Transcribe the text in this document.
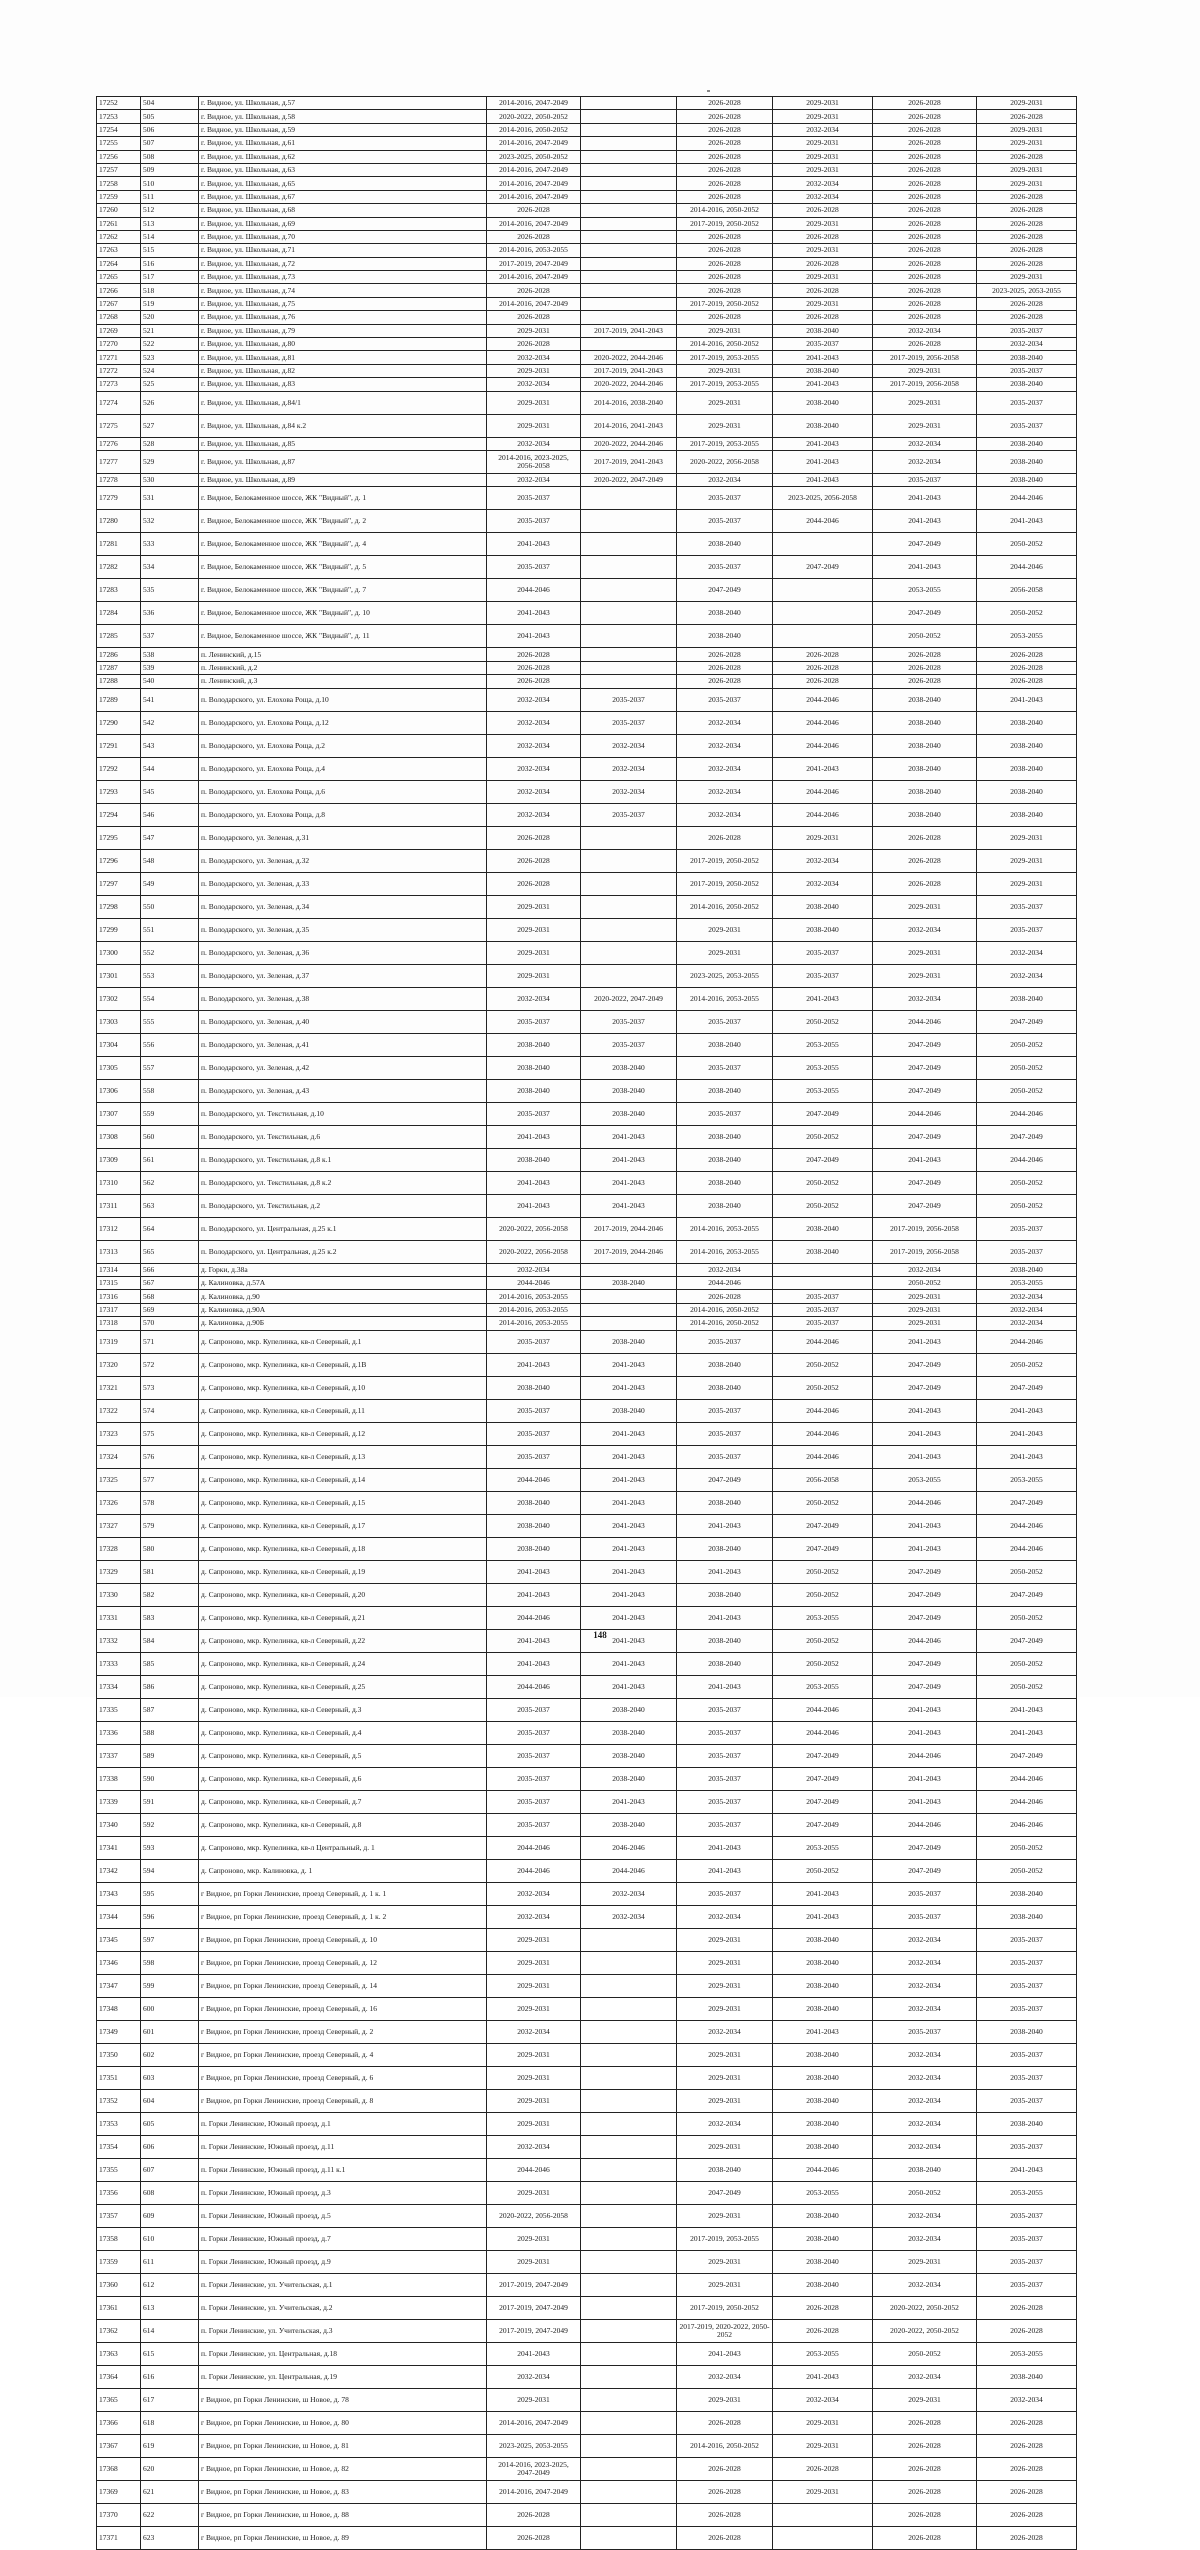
17252	504	г. Видное, ул. Школьная, д.57	2014-2016, 2047-2049		2026-2028	2029-2031	2026-2028	2029-2031
17253	505	г. Видное, ул. Школьная, д.58	2020-2022, 2050-2052		2026-2028	2029-2031	2026-2028	2026-2028
17254	506	г. Видное, ул. Школьная, д.59	2014-2016, 2050-2052		2026-2028	2032-2034	2026-2028	2029-2031
17255	507	г. Видное, ул. Школьная, д.61	2014-2016, 2047-2049		2026-2028	2029-2031	2026-2028	2029-2031
17256	508	г. Видное, ул. Школьная, д.62	2023-2025, 2050-2052		2026-2028	2029-2031	2026-2028	2026-2028
17257	509	г. Видное, ул. Школьная, д.63	2014-2016, 2047-2049		2026-2028	2029-2031	2026-2028	2029-2031
17258	510	г. Видное, ул. Школьная, д.65	2014-2016, 2047-2049		2026-2028	2032-2034	2026-2028	2029-2031
17259	511	г. Видное, ул. Школьная, д.67	2014-2016, 2047-2049		2026-2028	2032-2034	2026-2028	2026-2028
17260	512	г. Видное, ул. Школьная, д.68	2026-2028		2014-2016, 2050-2052	2026-2028	2026-2028	2026-2028
17261	513	г. Видное, ул. Школьная, д.69	2014-2016, 2047-2049		2017-2019, 2050-2052	2029-2031	2026-2028	2026-2028
17262	514	г. Видное, ул. Школьная, д.70	2026-2028		2026-2028	2026-2028	2026-2028	2026-2028
17263	515	г. Видное, ул. Школьная, д.71	2014-2016, 2053-2055		2026-2028	2029-2031	2026-2028	2026-2028
17264	516	г. Видное, ул. Школьная, д.72	2017-2019, 2047-2049		2026-2028	2026-2028	2026-2028	2026-2028
17265	517	г. Видное, ул. Школьная, д.73	2014-2016, 2047-2049		2026-2028	2029-2031	2026-2028	2029-2031
17266	518	г. Видное, ул. Школьная, д.74	2026-2028		2026-2028	2026-2028	2026-2028	2023-2025, 2053-2055
17267	519	г. Видное, ул. Школьная, д.75	2014-2016, 2047-2049		2017-2019, 2050-2052	2029-2031	2026-2028	2026-2028
17268	520	г. Видное, ул. Школьная, д.76	2026-2028		2026-2028	2026-2028	2026-2028	2026-2028
17269	521	г. Видное, ул. Школьная, д.79	2029-2031	2017-2019, 2041-2043	2029-2031	2038-2040	2032-2034	2035-2037
17270	522	г. Видное, ул. Школьная, д.80	2026-2028		2014-2016, 2050-2052	2035-2037	2026-2028	2032-2034
17271	523	г. Видное, ул. Школьная, д.81	2032-2034	2020-2022, 2044-2046	2017-2019, 2053-2055	2041-2043	2017-2019, 2056-2058	2038-2040
17272	524	г. Видное, ул. Школьная, д.82	2029-2031	2017-2019, 2041-2043	2029-2031	2038-2040	2029-2031	2035-2037
17273	525	г. Видное, ул. Школьная, д.83	2032-2034	2020-2022, 2044-2046	2017-2019, 2053-2055	2041-2043	2017-2019, 2056-2058	2038-2040
17274	526	г. Видное, ул. Школьная, д.84/1	2029-2031	2014-2016, 2038-2040	2029-2031	2038-2040	2029-2031	2035-2037
17275	527	г. Видное, ул. Школьная, д.84 к.2	2029-2031	2014-2016, 2041-2043	2029-2031	2038-2040	2029-2031	2035-2037
17276	528	г. Видное, ул. Школьная, д.85	2032-2034	2020-2022, 2044-2046	2017-2019, 2053-2055	2041-2043	2032-2034	2038-2040
17277	529	г. Видное, ул. Школьная, д.87	2014-2016, 2023-2025, 2056-2058	2017-2019, 2041-2043	2020-2022, 2056-2058	2041-2043	2032-2034	2038-2040
17278	530	г. Видное, ул. Школьная, д.89	2032-2034	2020-2022, 2047-2049	2032-2034	2041-2043	2035-2037	2038-2040
17279	531	г. Видное, Белокаменное шоссе, ЖК "Видный", д. 1	2035-2037		2035-2037	2023-2025, 2056-2058	2041-2043	2044-2046
17280	532	г. Видное, Белокаменное шоссе, ЖК "Видный", д. 2	2035-2037		2035-2037	2044-2046	2041-2043	2041-2043
17281	533	г. Видное, Белокаменное шоссе, ЖК "Видный", д. 4	2041-2043		2038-2040		2047-2049	2050-2052
17282	534	г. Видное, Белокаменное шоссе, ЖК "Видный", д. 5	2035-2037		2035-2037	2047-2049	2041-2043	2044-2046
17283	535	г. Видное, Белокаменное шоссе, ЖК "Видный", д. 7	2044-2046		2047-2049		2053-2055	2056-2058
17284	536	г. Видное, Белокаменное шоссе, ЖК "Видный", д. 10	2041-2043		2038-2040		2047-2049	2050-2052
17285	537	г. Видное, Белокаменное шоссе, ЖК "Видный", д. 11	2041-2043		2038-2040		2050-2052	2053-2055
17286	538	п. Ленинский, д.15	2026-2028		2026-2028	2026-2028	2026-2028	2026-2028
17287	539	п. Ленинский, д.2	2026-2028		2026-2028	2026-2028	2026-2028	2026-2028
17288	540	п. Ленинский, д.3	2026-2028		2026-2028	2026-2028	2026-2028	2026-2028
17289	541	п. Володарского, ул. Елохова Роща, д.10	2032-2034	2035-2037	2035-2037	2044-2046	2038-2040	2041-2043
17290	542	п. Володарского, ул. Елохова Роща, д.12	2032-2034	2035-2037	2032-2034	2044-2046	2038-2040	2038-2040
17291	543	п. Володарского, ул. Елохова Роща, д.2	2032-2034	2032-2034	2032-2034	2044-2046	2038-2040	2038-2040
17292	544	п. Володарского, ул. Елохова Роща, д.4	2032-2034	2032-2034	2032-2034	2041-2043	2038-2040	2038-2040
17293	545	п. Володарского, ул. Елохова Роща, д.6	2032-2034	2032-2034	2032-2034	2044-2046	2038-2040	2038-2040
17294	546	п. Володарского, ул. Елохова Роща, д.8	2032-2034	2035-2037	2032-2034	2044-2046	2038-2040	2038-2040
17295	547	п. Володарского, ул. Зеленая, д.31	2026-2028		2026-2028	2029-2031	2026-2028	2029-2031
17296	548	п. Володарского, ул. Зеленая, д.32	2026-2028		2017-2019, 2050-2052	2032-2034	2026-2028	2029-2031
17297	549	п. Володарского, ул. Зеленая, д.33	2026-2028		2017-2019, 2050-2052	2032-2034	2026-2028	2029-2031
17298	550	п. Володарского, ул. Зеленая, д.34	2029-2031		2014-2016, 2050-2052	2038-2040	2029-2031	2035-2037
17299	551	п. Володарского, ул. Зеленая, д.35	2029-2031		2029-2031	2038-2040	2032-2034	2035-2037
17300	552	п. Володарского, ул. Зеленая, д.36	2029-2031		2029-2031	2035-2037	2029-2031	2032-2034
17301	553	п. Володарского, ул. Зеленая, д.37	2029-2031		2023-2025, 2053-2055	2035-2037	2029-2031	2032-2034
17302	554	п. Володарского, ул. Зеленая, д.38	2032-2034	2020-2022, 2047-2049	2014-2016, 2053-2055	2041-2043	2032-2034	2038-2040
17303	555	п. Володарского, ул. Зеленая, д.40	2035-2037	2035-2037	2035-2037	2050-2052	2044-2046	2047-2049
17304	556	п. Володарского, ул. Зеленая, д.41	2038-2040	2035-2037	2038-2040	2053-2055	2047-2049	2050-2052
17305	557	п. Володарского, ул. Зеленая, д.42	2038-2040	2038-2040	2035-2037	2053-2055	2047-2049	2050-2052
17306	558	п. Володарского, ул. Зеленая, д.43	2038-2040	2038-2040	2038-2040	2053-2055	2047-2049	2050-2052
17307	559	п. Володарского, ул. Текстильная, д.10	2035-2037	2038-2040	2035-2037	2047-2049	2044-2046	2044-2046
17308	560	п. Володарского, ул. Текстильная, д.6	2041-2043	2041-2043	2038-2040	2050-2052	2047-2049	2047-2049
17309	561	п. Володарского, ул. Текстильная, д.8 к.1	2038-2040	2041-2043	2038-2040	2047-2049	2041-2043	2044-2046
17310	562	п. Володарского, ул. Текстильная, д.8 к.2	2041-2043	2041-2043	2038-2040	2050-2052	2047-2049	2050-2052
17311	563	п. Володарского, ул. Текстильная, д.2	2041-2043	2041-2043	2038-2040	2050-2052	2047-2049	2050-2052
17312	564	п. Володарского, ул. Центральная, д.25 к.1	2020-2022, 2056-2058	2017-2019, 2044-2046	2014-2016, 2053-2055	2038-2040	2017-2019, 2056-2058	2035-2037
17313	565	п. Володарского, ул. Центральная, д.25 к.2	2020-2022, 2056-2058	2017-2019, 2044-2046	2014-2016, 2053-2055	2038-2040	2017-2019, 2056-2058	2035-2037
17314	566	д. Горки, д.38а	2032-2034		2032-2034		2032-2034	2038-2040
17315	567	д. Калиновка, д.57А	2044-2046	2038-2040	2044-2046		2050-2052	2053-2055
17316	568	д. Калиновка, д.90	2014-2016, 2053-2055		2026-2028	2035-2037	2029-2031	2032-2034
17317	569	д. Калиновка, д.90А	2014-2016, 2053-2055		2014-2016, 2050-2052	2035-2037	2029-2031	2032-2034
17318	570	д. Калиновка, д.90Б	2014-2016, 2053-2055		2014-2016, 2050-2052	2035-2037	2029-2031	2032-2034
17319	571	д. Сапроново, мкр. Купелинка, кв-л Северный, д.1	2035-2037	2038-2040	2035-2037	2044-2046	2041-2043	2044-2046
17320	572	д. Сапроново, мкр. Купелинка, кв-л Северный, д.1В	2041-2043	2041-2043	2038-2040	2050-2052	2047-2049	2050-2052
17321	573	д. Сапроново, мкр. Купелинка, кв-л Северный, д.10	2038-2040	2041-2043	2038-2040	2050-2052	2047-2049	2047-2049
17322	574	д. Сапроново, мкр. Купелинка, кв-л Северный, д.11	2035-2037	2038-2040	2035-2037	2044-2046	2041-2043	2041-2043
17323	575	д. Сапроново, мкр. Купелинка, кв-л Северный, д.12	2035-2037	2041-2043	2035-2037	2044-2046	2041-2043	2041-2043
17324	576	д. Сапроново, мкр. Купелинка, кв-л Северный, д.13	2035-2037	2041-2043	2035-2037	2044-2046	2041-2043	2041-2043
17325	577	д. Сапроново, мкр. Купелинка, кв-л Северный, д.14	2044-2046	2041-2043	2047-2049	2056-2058	2053-2055	2053-2055
17326	578	д. Сапроново, мкр. Купелинка, кв-л Северный, д.15	2038-2040	2041-2043	2038-2040	2050-2052	2044-2046	2047-2049
17327	579	д. Сапроново, мкр. Купелинка, кв-л Северный, д.17	2038-2040	2041-2043	2041-2043	2047-2049	2041-2043	2044-2046
17328	580	д. Сапроново, мкр. Купелинка, кв-л Северный, д.18	2038-2040	2041-2043	2038-2040	2047-2049	2041-2043	2044-2046
17329	581	д. Сапроново, мкр. Купелинка, кв-л Северный, д.19	2041-2043	2041-2043	2041-2043	2050-2052	2047-2049	2050-2052
17330	582	д. Сапроново, мкр. Купелинка, кв-л Северный, д.20	2041-2043	2041-2043	2038-2040	2050-2052	2047-2049	2047-2049
17331	583	д. Сапроново, мкр. Купелинка, кв-л Северный, д.21	2044-2046	2041-2043	2041-2043	2053-2055	2047-2049	2050-2052
17332	584	д. Сапроново, мкр. Купелинка, кв-л Северный, д.22	2041-2043	2041-2043	2038-2040	2050-2052	2044-2046	2047-2049
17333	585	д. Сапроново, мкр. Купелинка, кв-л Северный, д.24	2041-2043	2041-2043	2038-2040	2050-2052	2047-2049	2050-2052
17334	586	д. Сапроново, мкр. Купелинка, кв-л Северный, д.25	2044-2046	2041-2043	2041-2043	2053-2055	2047-2049	2050-2052
17335	587	д. Сапроново, мкр. Купелинка, кв-л Северный, д.3	2035-2037	2038-2040	2035-2037	2044-2046	2041-2043	2041-2043
17336	588	д. Сапроново, мкр. Купелинка, кв-л Северный, д.4	2035-2037	2038-2040	2035-2037	2044-2046	2041-2043	2041-2043
17337	589	д. Сапроново, мкр. Купелинка, кв-л Северный, д.5	2035-2037	2038-2040	2035-2037	2047-2049	2044-2046	2047-2049
17338	590	д. Сапроново, мкр. Купелинка, кв-л Северный, д.6	2035-2037	2038-2040	2035-2037	2047-2049	2041-2043	2044-2046
17339	591	д. Сапроново, мкр. Купелинка, кв-л Северный, д.7	2035-2037	2041-2043	2035-2037	2047-2049	2041-2043	2044-2046
17340	592	д. Сапроново, мкр. Купелинка, кв-л Северный, д.8	2035-2037	2038-2040	2035-2037	2047-2049	2044-2046	2046-2046
17341	593	д. Сапроново, мкр. Купелинка, кв-л Центральный, д. 1	2044-2046	2046-2046	2041-2043	2053-2055	2047-2049	2050-2052
17342	594	д. Сапроново, мкр. Калиновка, д. 1	2044-2046	2044-2046	2041-2043	2050-2052	2047-2049	2050-2052
17343	595	г Видное, рп Горки Ленинские, проезд Северный, д. 1 к. 1	2032-2034	2032-2034	2035-2037	2041-2043	2035-2037	2038-2040
17344	596	г Видное, рп Горки Ленинские, проезд Северный, д. 1 к. 2	2032-2034	2032-2034	2032-2034	2041-2043	2035-2037	2038-2040
17345	597	г Видное, рп Горки Ленинские, проезд Северный, д. 10	2029-2031		2029-2031	2038-2040	2032-2034	2035-2037
17346	598	г Видное, рп Горки Ленинские, проезд Северный, д. 12	2029-2031		2029-2031	2038-2040	2032-2034	2035-2037
17347	599	г Видное, рп Горки Ленинские, проезд Северный, д. 14	2029-2031		2029-2031	2038-2040	2032-2034	2035-2037
17348	600	г Видное, рп Горки Ленинские, проезд Северный, д. 16	2029-2031		2029-2031	2038-2040	2032-2034	2035-2037
17349	601	г Видное, рп Горки Ленинские, проезд Северный, д. 2	2032-2034		2032-2034	2041-2043	2035-2037	2038-2040
17350	602	г Видное, рп Горки Ленинские, проезд Северный, д. 4	2029-2031		2029-2031	2038-2040	2032-2034	2035-2037
17351	603	г Видное, рп Горки Ленинские, проезд Северный, д. 6	2029-2031		2029-2031	2038-2040	2032-2034	2035-2037
17352	604	г Видное, рп Горки Ленинские, проезд Северный, д. 8	2029-2031		2029-2031	2038-2040	2032-2034	2035-2037
17353	605	п. Горки Ленинские, Южный проезд, д.1	2029-2031		2032-2034	2038-2040	2032-2034	2038-2040
17354	606	п. Горки Ленинские, Южный проезд, д.11	2032-2034		2029-2031	2038-2040	2032-2034	2035-2037
17355	607	п. Горки Ленинские, Южный проезд, д.11 к.1	2044-2046		2038-2040	2044-2046	2038-2040	2041-2043
17356	608	п. Горки Ленинские, Южный проезд, д.3	2029-2031		2047-2049	2053-2055	2050-2052	2053-2055
17357	609	п. Горки Ленинские, Южный проезд, д.5	2020-2022, 2056-2058		2029-2031	2038-2040	2032-2034	2035-2037
17358	610	п. Горки Ленинские, Южный проезд, д.7	2029-2031		2017-2019, 2053-2055	2038-2040	2032-2034	2035-2037
17359	611	п. Горки Ленинские, Южный проезд, д.9	2029-2031		2029-2031	2038-2040	2029-2031	2035-2037
17360	612	п. Горки Ленинские, ул. Учительская, д.1	2017-2019, 2047-2049		2029-2031	2038-2040	2032-2034	2035-2037
17361	613	п. Горки Ленинские, ул. Учительская, д.2	2017-2019, 2047-2049		2017-2019, 2050-2052	2026-2028	2020-2022, 2050-2052	2026-2028
17362	614	п. Горки Ленинские, ул. Учительская, д.3	2017-2019, 2047-2049		2017-2019, 2020-2022, 2050-2052	2026-2028	2020-2022, 2050-2052	2026-2028
17363	615	п. Горки Ленинские, ул. Центральная, д.18	2041-2043		2041-2043	2053-2055	2050-2052	2053-2055
17364	616	п. Горки Ленинские, ул. Центральная, д.19	2032-2034		2032-2034	2041-2043	2032-2034	2038-2040
17365	617	г Видное, рп Горки Ленинские, ш Новое, д. 78	2029-2031		2029-2031	2032-2034	2029-2031	2032-2034
17366	618	г Видное, рп Горки Ленинские, ш Новое, д. 80	2014-2016, 2047-2049		2026-2028	2029-2031	2026-2028	2026-2028
17367	619	г Видное, рп Горки Ленинские, ш Новое, д. 81	2023-2025, 2053-2055		2014-2016, 2050-2052	2029-2031	2026-2028	2026-2028
17368	620	г Видное, рп Горки Ленинские, ш Новое, д. 82	2014-2016, 2023-2025, 2047-2049		2026-2028	2026-2028	2026-2028	2026-2028
17369	621	г Видное, рп Горки Ленинские, ш Новое, д. 83	2014-2016, 2047-2049		2026-2028	2029-2031	2026-2028	2026-2028
17370	622	г Видное, рп Горки Ленинские, ш Новое, д. 88	2026-2028		2026-2028		2026-2028	2026-2028
17371	623	г Видное, рп Горки Ленинские, ш Новое, д. 89	2026-2028		2026-2028		2026-2028	2026-2028
148
